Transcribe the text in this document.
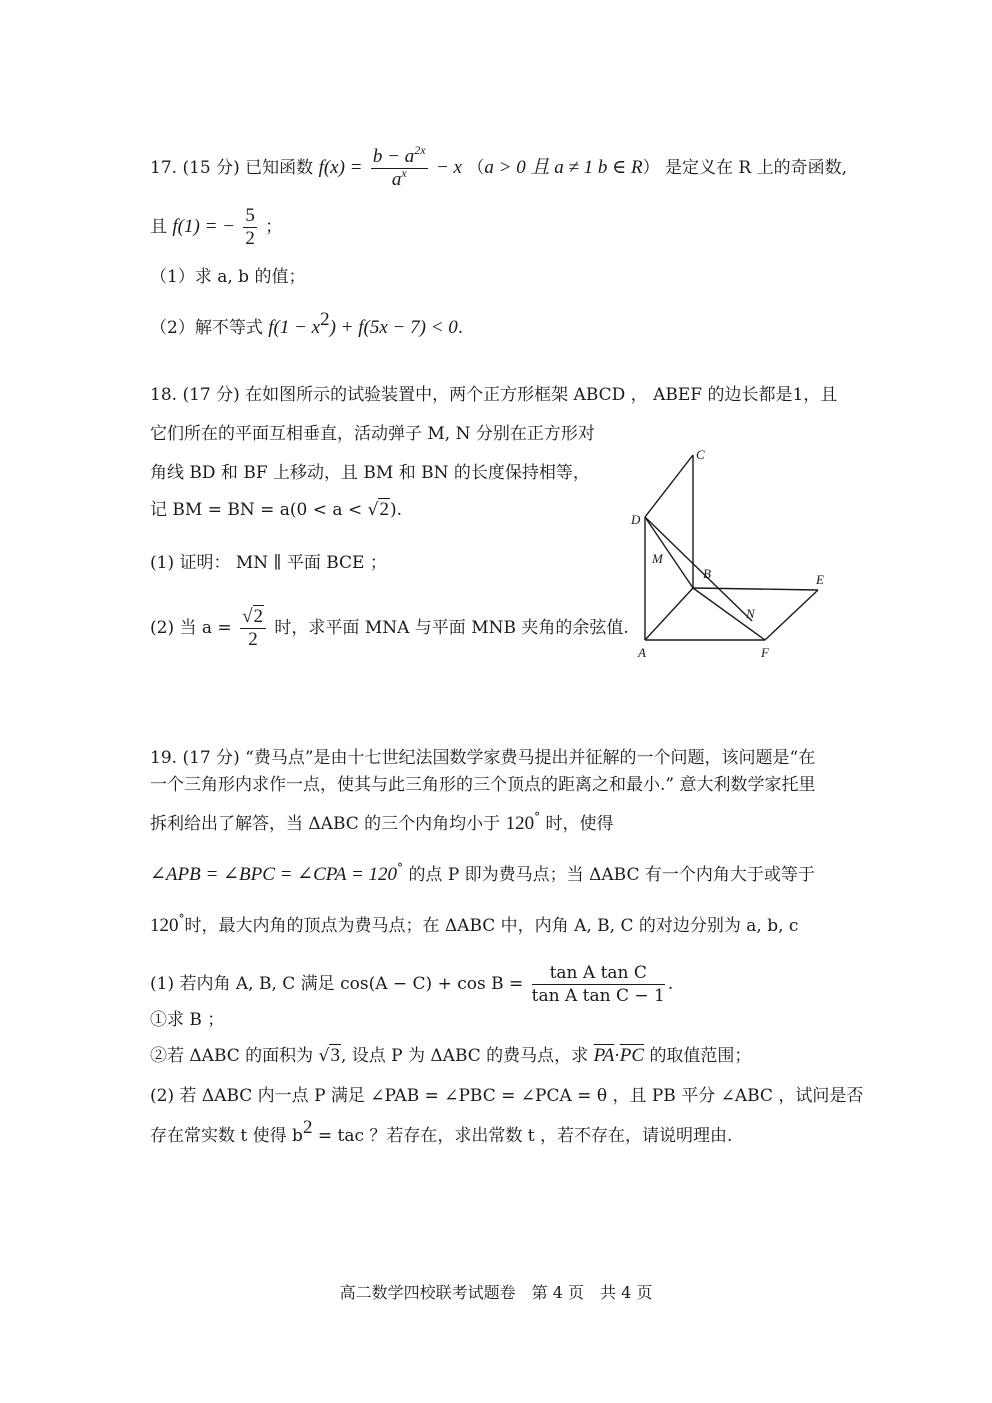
17. (15 分) 已知函数 $f(x) = \frac{b - a^{2x}}{a^x} - x$ （a > 0 且 a ≠ 1 b ∈ R） 是定义在 R 上的奇函数,
且 f(1) = − $\frac{5}{2}$ ；
（1）求 a, b 的值；
（2）解不等式 $f(1 - x^2) + f(5x - 7) < 0$.
18. (17 分) 在如图所示的试验装置中，两个正方形框架 ABCD ， ABEF 的边长都是1，且
它们所在的平面互相垂直，活动弹子 M, N 分别在正方形对
角线 BD 和 BF 上移动，且 BM 和 BN 的长度保持相等，
记 BM = BN = a(0 < a < √2).
(1) 证明： MN ∥ 平面 BCE ；
(2) 当 $a = \frac{√2}{2}$ 时，求平面 MNA 与平面 MNB 夹角的余弦值.
C
D
M
B	E
N
A	F
19. (17 分) “费马点”是由十七世纪法国数学家费马提出并征解的一个问题，该问题是“在
一个三角形内求作一点，使其与此三角形的三个顶点的距离之和最小.” 意大利数学家托里
拆利给出了解答，当 ΔABC 的三个内角均小于 120° 时，使得
∠APB = ∠BPC = ∠CPA = 120° 的点 P 即为费马点；当 ΔABC 有一个内角大于或等于
120°时，最大内角的顶点为费马点；在 ΔABC 中，内角 A, B, C 的对边分别为 a, b, c
(1) 若内角 A, B, C 满足 $\cos(A - C) + \cos B = \frac{\text{tan A tan C}}{\text{tan A tan C − 1}}$ .
①求 B ；
②若 ΔABC 的面积为 √3, 设点 P 为 ΔABC 的费马点，求 $\overline{PA}\cdot\overline{PC}$ 的取值范围；
(2) 若 ΔABC 内一点 P 满足 ∠PAB = ∠PBC = ∠PCA = θ ，且 PB 平分 ∠ABC ，试问是否
存在常实数 t 使得 $b^2$ = tac ？若存在，求出常数 t ，若不存在，请说明理由.
高二数学四校联考试题卷　第 4 页　共 4 页
